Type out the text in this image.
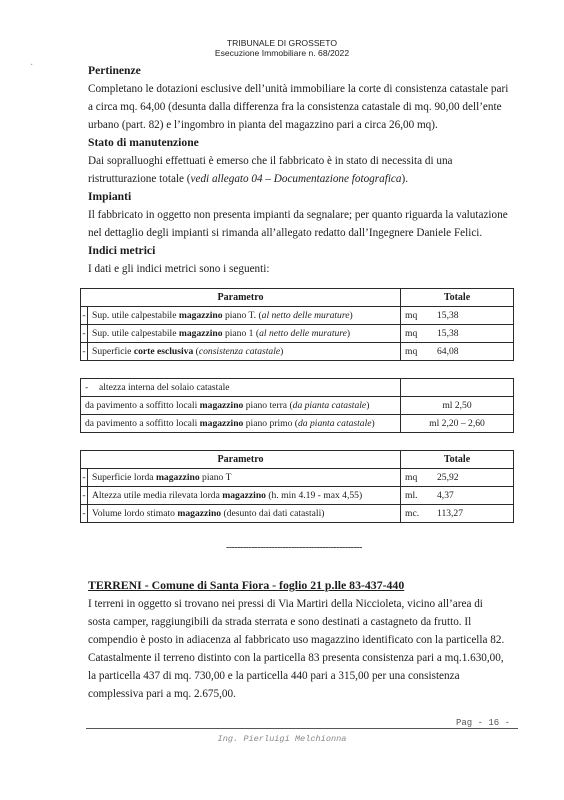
TRIBUNALE DI GROSSETO
Esecuzione Immobiliare n. 68/2022
·	Pertinenze
Completano le dotazioni esclusive dell’unità immobiliare la corte di consistenza catastale pari
a circa mq. 64,00 (desunta dalla differenza fra la consistenza catastale di mq. 90,00 dell’ente
urbano (part. 82) e l’ingombro in pianta del magazzino pari a circa 26,00 mq).
Stato di manutenzione
Dai sopralluoghi effettuati è emerso che il fabbricato è in stato di necessita di una
ristrutturazione totale (vedi allegato 04 – Documentazione fotografica).
Impianti
Il fabbricato in oggetto non presenta impianti da segnalare; per quanto riguarda la valutazione
nel dettaglio degli impianti si rimanda all’allegato redatto dall’Ingegnere Daniele Felici.
Indici metrici
I dati e gli indici metrici sono i seguenti:
Parametro		Totale
-	Sup. utile calpestabile magazzino piano T. (al netto delle murature)	mq 15,38
-	Sup. utile calpestabile magazzino piano 1 (al netto delle murature)	mq 15,38
-	Superficie corte esclusiva (consistenza catastale)	mq 64,08
- altezza interna del solaio catastale	
da pavimento a soffitto locali magazzino piano terra (da pianta catastale)	ml 2,50
da pavimento a soffitto locali magazzino piano primo (da pianta catastale)	ml 2,20 – 2,60
Parametro		Totale
-	Superficie lorda magazzino piano T	mq 25,92
-	Altezza utile media rilevata lorda magazzino (h. min 4.19 - max 4,55)	ml. 4,37
-	Volume lordo stimato magazzino (desunto dai dati catastali)	mc. 113,27
------------------------------------------------
TERRENI - Comune di Santa Fiora - foglio 21 p.lle 83-437-440
I terreni in oggetto si trovano nei pressi di Via Martiri della Niccioleta, vicino all’area di
sosta camper, raggiungibili da strada sterrata e sono destinati a castagneto da frutto. Il
compendio è posto in adiacenza al fabbricato uso magazzino identificato con la particella 82.
Catastalmente il terreno distinto con la particella 83 presenta consistenza pari a mq.1.630,00,
la particella 437 di mq. 730,00 e la particella 440 pari a 315,00 per una consistenza
complessiva pari a mq. 2.675,00.
Pag - 16 -
Ing. Pierluigi Melchionna
